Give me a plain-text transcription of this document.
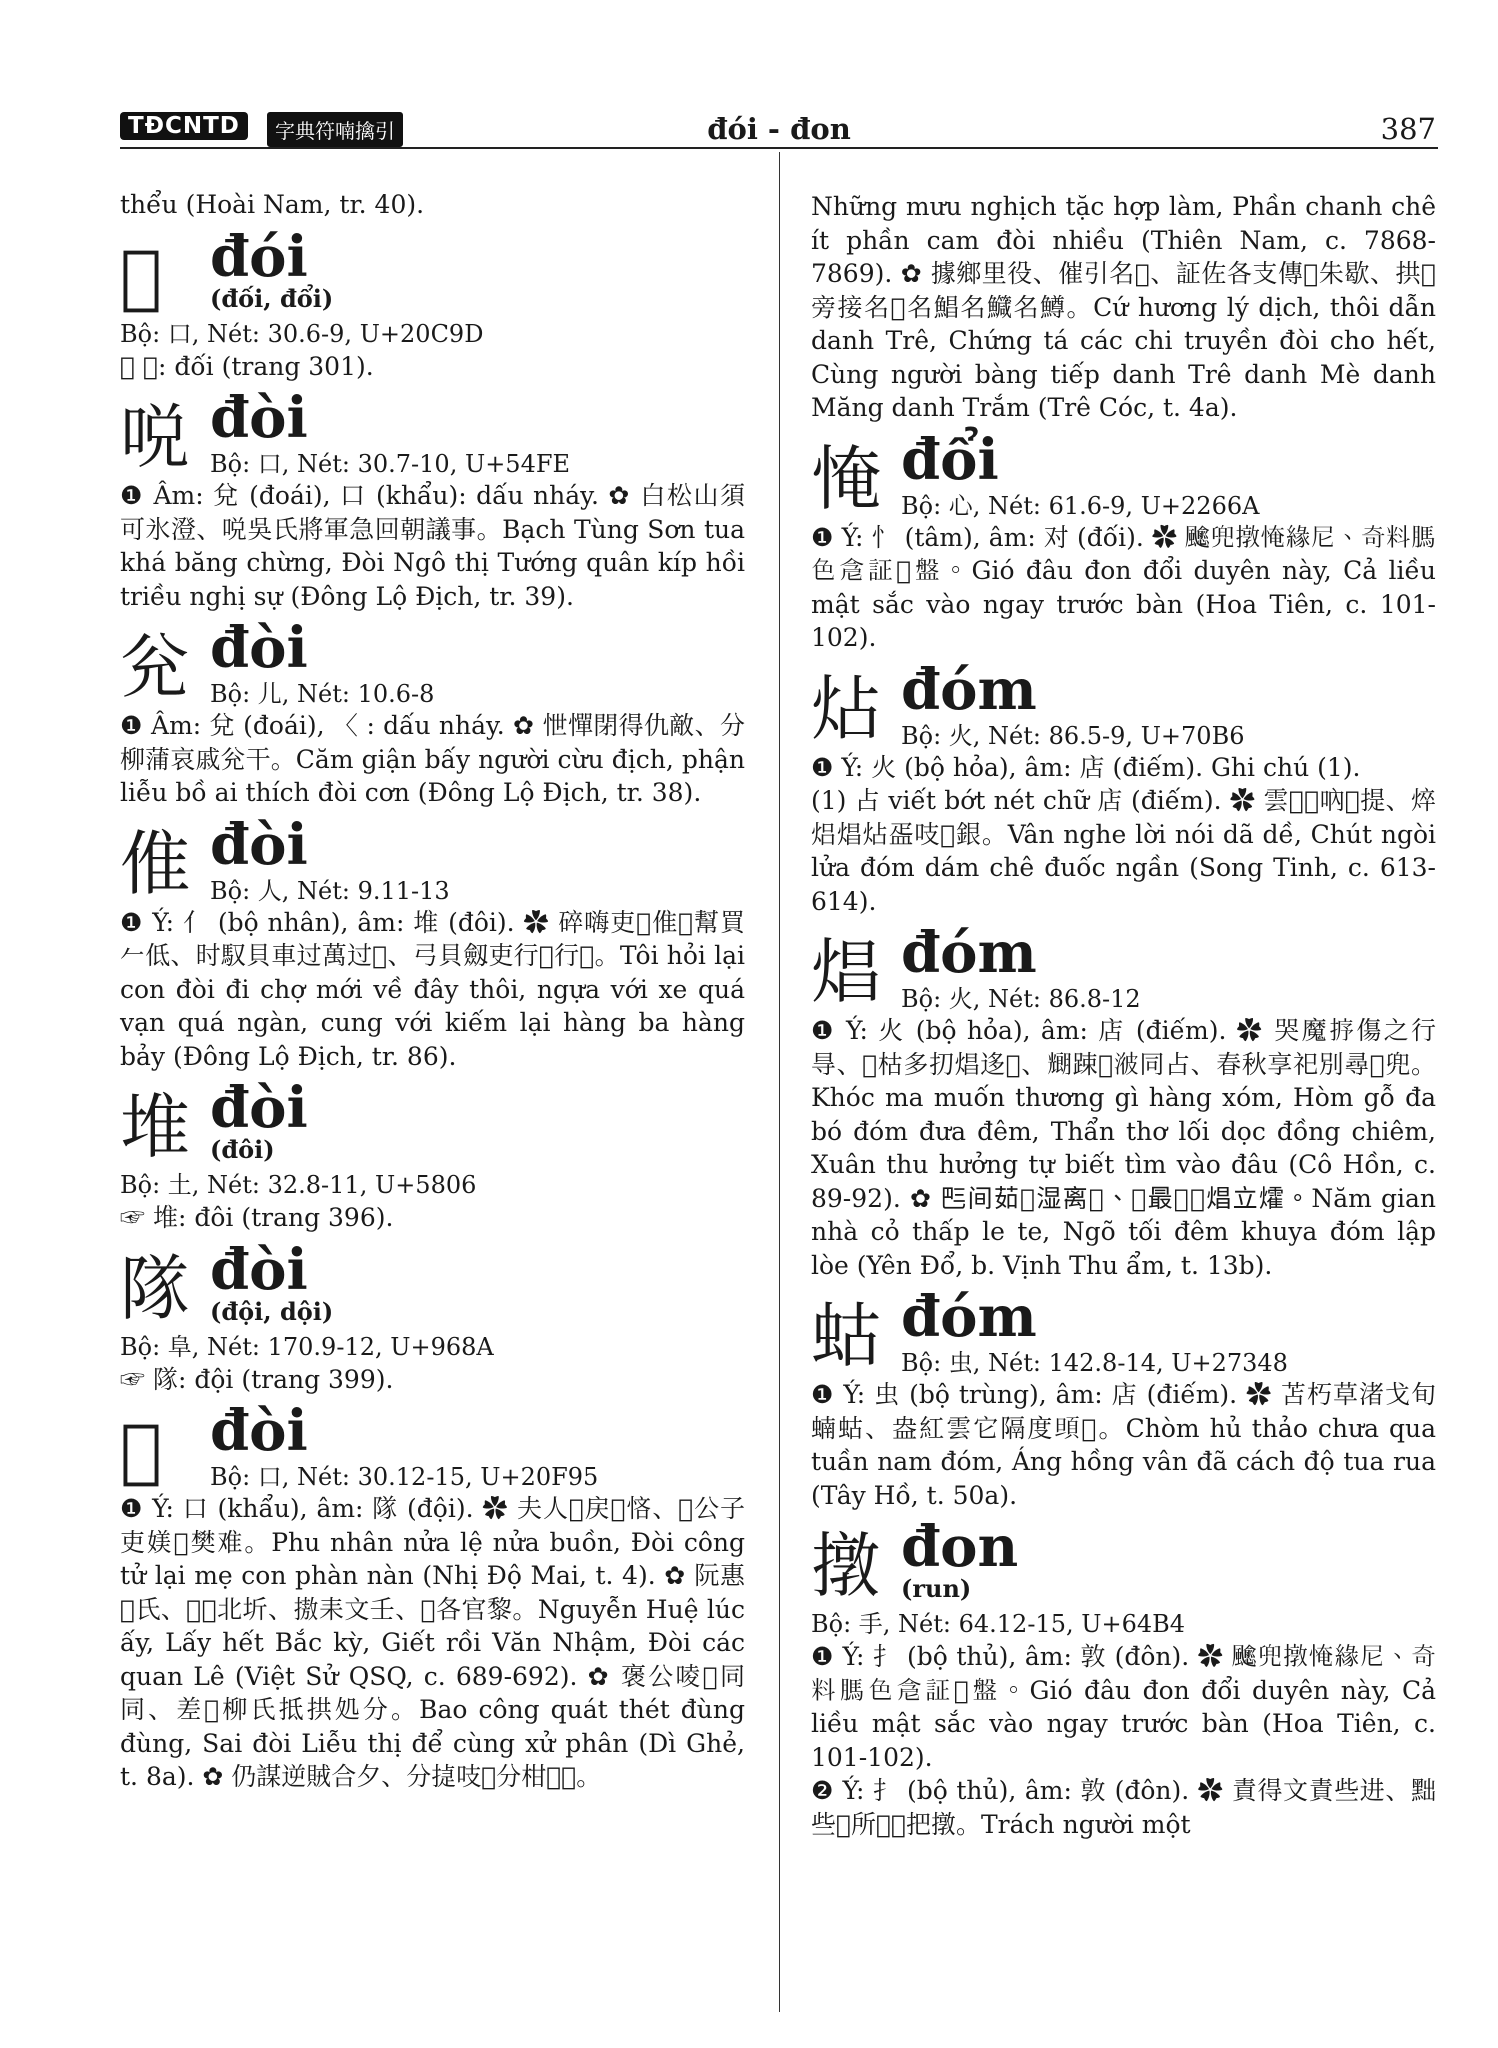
TĐCNTD	字典符喃擒引	đói - đon	387

thểu (Hoài Nam, tr. 40).

𠲝 đói
(đối, đổi)
Bộ: 口, Nét: 30.6-9, U+20C9D

☞ 𠲝: đối (trang 301).

哾 đòi
Bộ: 口, Nét: 30.7-10, U+54FE

❶ Âm: 兌 (đoái), 口 (khẩu): dấu nháy. ✿ 白松山須可氷澄、哾吳氏將軍急回朝議事。Bạch Tùng Sơn tua khá băng chừng, Đòi Ngô thị Tướng quân kíp hồi triều nghị sự (Đông Lộ Địch, tr. 39).

兊 đòi
Bộ: 儿, Nét: 10.6-8

❶ Âm: 兌 (đoái), 〈 : dấu nháy. ✿ 怈憚閉得仇敵、分柳蒲哀戚兊干。Căm giận bấy người cừu địch, phận liễu bồ ai thích đòi cơn (Đông Lộ Địch, tr. 38).

倠 đòi
Bộ: 人, Nét: 9.11-13

❶ Ý: 亻 (bộ nhân), âm: 堆 (đôi). ✿ 碎嗨吏𢬣倠𡗶幫買𠂉低、时馭貝車过萬过𠦳、弓貝劔吏行𠀧行𦉱。Tôi hỏi lại con đòi đi chợ mới về đây thôi, ngựa với xe quá vạn quá ngàn, cung với kiếm lại hàng ba hàng bảy (Đông Lộ Địch, tr. 86).

堆 đòi
(đôi)
Bộ: 土, Nét: 32.8-11, U+5806

☞ 堆: đôi (trang 396).

隊 đòi
(đội, dội)
Bộ: 阜, Nét: 170.9-12, U+968A

☞ 隊: đội (trang 399).

𠾕 đòi
Bộ: 口, Nét: 30.12-15, U+20F95

❶ Ý: 口 (khẩu), âm: 隊 (đội). ✿ 夫人𡢐戻𡢐悋、𠾕公子吏媄𢬣樊难。Phu nhân nửa lệ nửa buồn, Đòi công tử lại mẹ con phàn nàn (Nhị Độ Mai, t. 4). ✿ 阮惠𣋚氏、𢬣𡀳北圻、𢳆耒文壬、𠾕各官黎。Nguyễn Huệ lúc ấy, Lấy hết Bắc kỳ, Giết rồi Văn Nhậm, Đòi các quan Lê (Việt Sử QSQ, c. 689-692). ✿ 褒公㖫𠻚同同、差𠾕柳氏抵拱処分。Bao công quát thét đùng đùng, Sai đòi Liễu thị để cùng xử phân (Dì Ghẻ, t. 8a). ✿ 仍謀逆賊合夕、分㨗吱𢜠分柑𠾕𡗉。

Những mưu nghịch tặc hợp làm, Phần chanh chê ít phần cam đòi nhiều (Thiên Nam, c. 7868-7869). ✿ 據鄉里役、催引名𩵜、証佐各支傳𠾕朱歇、拱𥪝旁接名𩸷名鯧名鱵名鱒。Cứ hương lý dịch, thôi dẫn danh Trê, Chứng tá các chi truyền đòi cho hết, Cùng người bàng tiếp danh Trê danh Mè danh Măng danh Trắm (Trê Cóc, t. 4a).

㤿 đổi
Bộ: 心, Nét: 61.6-9, U+2266A

❶ Ý: 忄 (tâm), âm: 对 (đối). ✿ 𩙍兜撴㤿緣尼、奇料𦟐色𠉞証𪾺盤。Gió đâu đon đổi duyên này, Cả liều mật sắc vào ngay trước bàn (Hoa Tiên, c. 101-102).

炶 đóm
Bộ: 火, Nét: 86.5-9, U+70B6

❶ Ý: 火 (bộ hỏa), âm: 店 (điếm). Ghi chú (1).

(1) 占 viết bớt nét chữ 店 (điếm). ✿ 雲𦖑𠳒吶𢮿提、焠焒焻炶㿿吱𪇍銀。Vân nghe lời nói dã dề, Chút ngòi lửa đóm dám chê đuốc ngần (Song Tinh, c. 613-614).

焻 đóm
Bộ: 火, Nét: 86.8-12

❶ Ý: 火 (bộ hỏa), âm: 店 (điếm). ✿ 哭魔𢭸傷之行㝵、𠖤枯多㧅焻迻𠴓、𠓇踈𧿨𣷭同占、春秋享祀別尋𠍕兜。Khóc ma muốn thương gì hàng xóm, Hòm gỗ đa bó đóm đưa đêm, Thẩn thơ lối dọc đồng chiêm, Xuân thu hưởng tự biết tìm vào đâu (Cô Hồn, c. 89-92). ✿ 𠀧间茹𦹵湿离𥪝、𡢻最𠴓𡗉焻立㸌。Năm gian nhà cỏ thấp le te, Ngõ tối đêm khuya đóm lập lòe (Yên Đổ, b. Vịnh Thu ẩm, t. 13b).

蛄 đóm
Bộ: 虫, Nét: 142.8-14, U+27348

❶ Ý: 虫 (bộ trùng), âm: 店 (điếm). ✿ 苫朽草渚戈旬蝻蛄、盎紅雲它隔度𩑰𩓋。Chòm hủ thảo chưa qua tuần nam đóm, Áng hồng vân đã cách độ tua rua (Tây Hồ, t. 50a).

撴 đon
(run)
Bộ: 手, Nét: 64.12-15, U+64B4

❶ Ý: 扌 (bộ thủ), âm: 敦 (đôn). ✿ 𩙍兜撴㤿緣尼、奇料𦟐色𠉞証𪾺盤。Gió đâu đon đổi duyên này, Cả liều mật sắc vào ngay trước bàn (Hoa Tiên, c. 101-102).

❷ Ý: 扌 (bộ thủ), âm: 敦 (đôn). ✿ 責得文責些进、黜些𠸨所𬤙𠴍把撴。Trách người một
